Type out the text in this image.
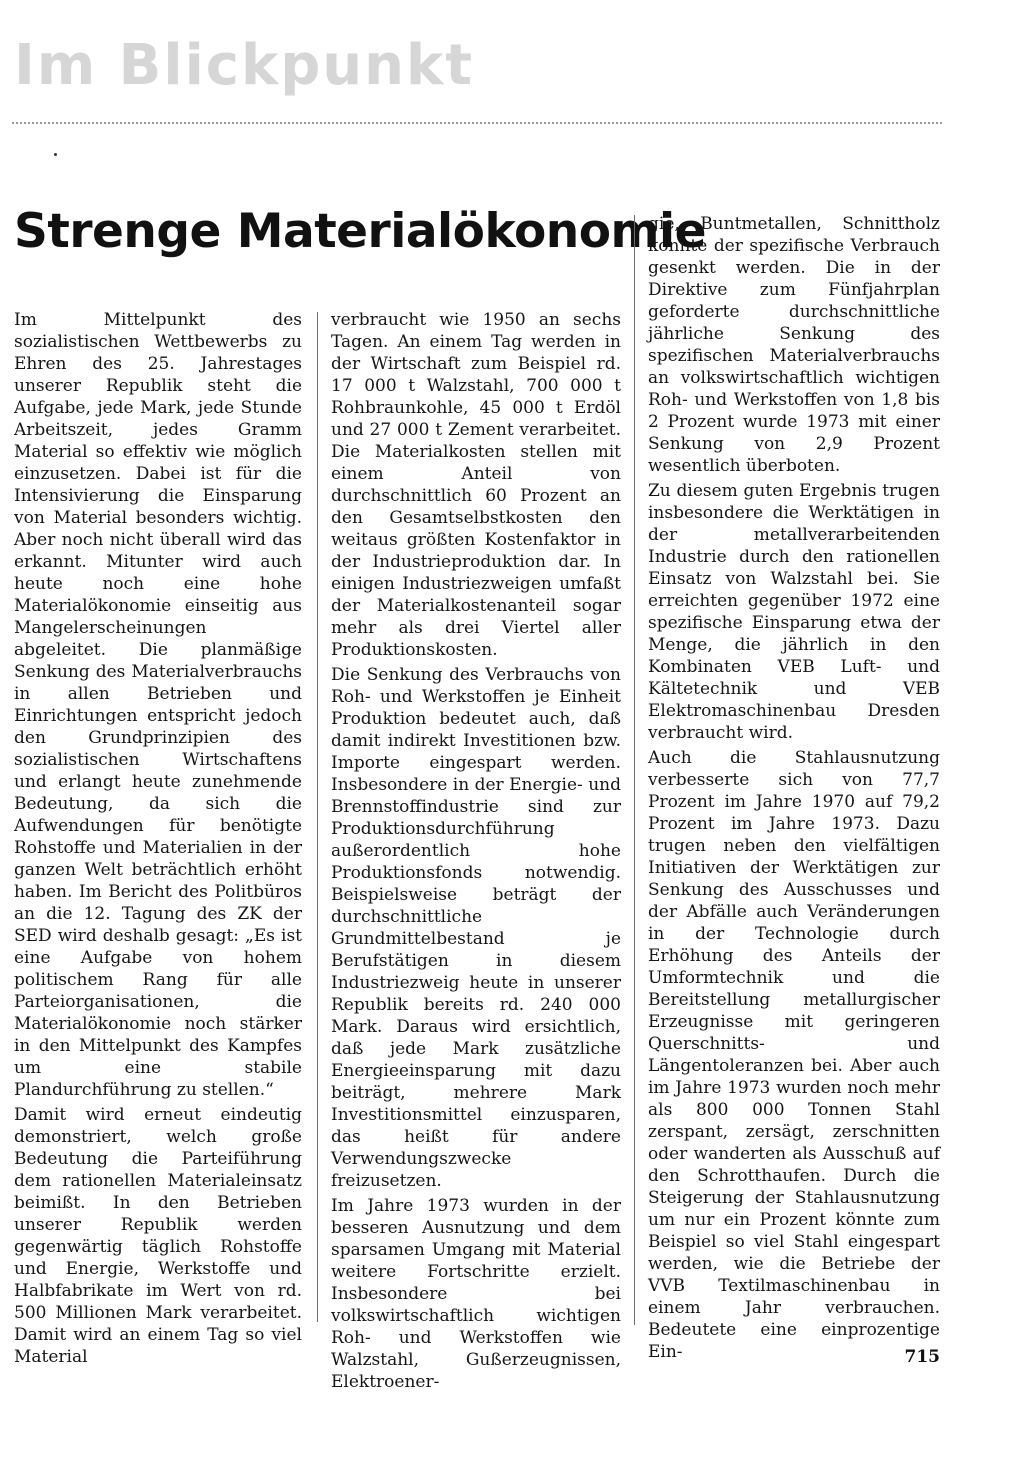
Im Blickpunkt
Strenge Materialökonomie

Im Mittelpunkt des sozialistischen Wettbewerbs zu Ehren des 25. Jahrestages unserer Republik steht die Aufgabe, jede Mark, jede Stunde Arbeitszeit, jedes Gramm Material so effektiv wie möglich einzusetzen. Dabei ist für die Intensivierung die Einsparung von Material besonders wichtig. Aber noch nicht überall wird das erkannt. Mitunter wird auch heute noch eine hohe Materialökonomie einseitig aus Mangelerscheinungen abgeleitet. Die planmäßige Senkung des Materialverbrauchs in allen Betrieben und Einrichtungen entspricht jedoch den Grundprinzipien des sozialistischen Wirtschaftens und erlangt heute zunehmende Bedeutung, da sich die Aufwendungen für benötigte Rohstoffe und Materialien in der ganzen Welt beträchtlich erhöht haben. Im Bericht des Politbüros an die 12. Tagung des ZK der SED wird deshalb gesagt: „Es ist eine Aufgabe von hohem politischem Rang für alle Parteiorganisationen, die Materialökonomie noch stärker in den Mittelpunkt des Kampfes um eine stabile Plandurchführung zu stellen.“

Damit wird erneut eindeutig demonstriert, welch große Bedeutung die Parteiführung dem rationellen Materialeinsatz beimißt. In den Betrieben unserer Republik werden gegenwärtig täglich Rohstoffe und Energie, Werkstoffe und Halbfabrikate im Wert von rd. 500 Millionen Mark verarbeitet. Damit wird an einem Tag so viel Material

verbraucht wie 1950 an sechs Tagen. An einem Tag werden in der Wirtschaft zum Beispiel rd. 17 000 t Walzstahl, 700 000 t Rohbraunkohle, 45 000 t Erdöl und 27 000 t Zement verarbeitet. Die Materialkosten stellen mit einem Anteil von durchschnittlich 60 Prozent an den Gesamtselbstkosten den weitaus größten Kostenfaktor in der Industrieproduktion dar. In einigen Industriezweigen umfaßt der Materialkostenanteil sogar mehr als drei Viertel aller Produktionskosten.

Die Senkung des Verbrauchs von Roh- und Werkstoffen je Einheit Produktion bedeutet auch, daß damit indirekt Investitionen bzw. Importe eingespart werden. Insbesondere in der Energie- und Brennstoffindustrie sind zur Produktionsdurchführung außerordentlich hohe Produktionsfonds notwendig. Beispielsweise beträgt der durchschnittliche Grundmittelbestand je Berufstätigen in diesem Industriezweig heute in unserer Republik bereits rd. 240 000 Mark. Daraus wird ersichtlich, daß jede Mark zusätzliche Energieeinsparung mit dazu beiträgt, mehrere Mark Investitionsmittel einzusparen, das heißt für andere Verwendungszwecke freizusetzen.

Im Jahre 1973 wurden in der besseren Ausnutzung und dem sparsamen Umgang mit Material weitere Fortschritte erzielt. Insbesondere bei volkswirtschaftlich wichtigen Roh- und Werkstoffen wie Walzstahl, Gußerzeugnissen, Elektroener-

gie, Buntmetallen, Schnittholz konnte der spezifische Verbrauch gesenkt werden. Die in der Direktive zum Fünfjahrplan geforderte durchschnittliche jährliche Senkung des spezifischen Materialverbrauchs an volkswirtschaftlich wichtigen Roh- und Werkstoffen von 1,8 bis 2 Prozent wurde 1973 mit einer Senkung von 2,9 Prozent wesentlich überboten.

Zu diesem guten Ergebnis trugen insbesondere die Werktätigen in der metallverarbeitenden Industrie durch den rationellen Einsatz von Walzstahl bei. Sie erreichten gegenüber 1972 eine spezifische Einsparung etwa der Menge, die jährlich in den Kombinaten VEB Luft- und Kältetechnik und VEB Elektromaschinenbau Dresden verbraucht wird.

Auch die Stahlausnutzung verbesserte sich von 77,7 Prozent im Jahre 1970 auf 79,2 Prozent im Jahre 1973. Dazu trugen neben den vielfältigen Initiativen der Werktätigen zur Senkung des Ausschusses und der Abfälle auch Veränderungen in der Technologie durch Erhöhung des Anteils der Umformtechnik und die Bereitstellung metallurgischer Erzeugnisse mit geringeren Querschnitts- und Längentoleranzen bei. Aber auch im Jahre 1973 wurden noch mehr als 800 000 Tonnen Stahl zerspant, zersägt, zerschnitten oder wanderten als Ausschuß auf den Schrotthaufen. Durch die Steigerung der Stahlausnutzung um nur ein Prozent könnte zum Beispiel so viel Stahl eingespart werden, wie die Betriebe der VVB Textilmaschinenbau in einem Jahr verbrauchen. Bedeutete eine einprozentige Ein-	715
